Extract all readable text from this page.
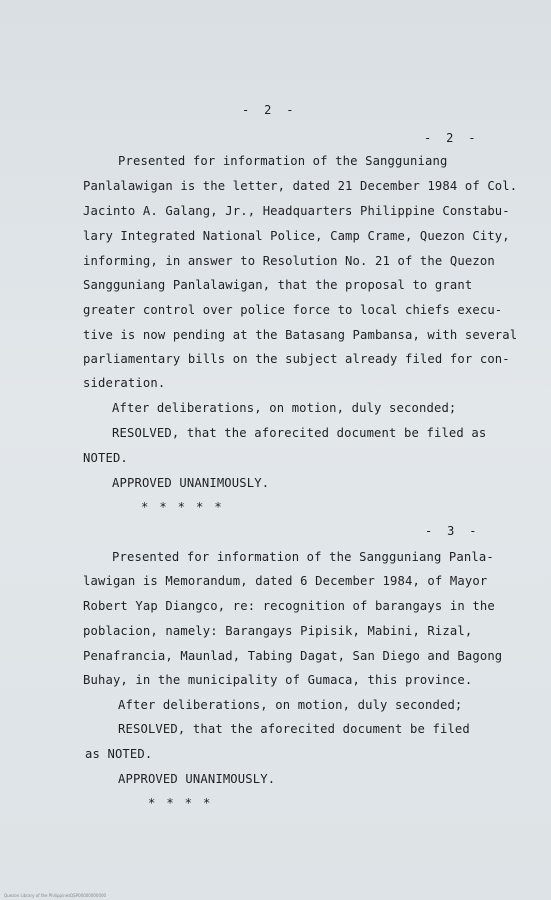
-  2  -
-  2  -
Presented for information of the Sangguniang
Panlalawigan is the letter, dated 21 December 1984 of Col.
Jacinto A. Galang, Jr., Headquarters Philippine Constabu-
lary Integrated National Police, Camp Crame, Quezon City,
informing, in answer to Resolution No. 21 of the Quezon
Sangguniang Panlalawigan, that the proposal to grant
greater control over police force to local chiefs execu-
tive is now pending at the Batasang Pambansa, with several
parliamentary bills on the subject already filed for con-
sideration.
After deliberations, on motion, duly seconded;
RESOLVED, that the aforecited document be filed as
NOTED.
APPROVED UNANIMOUSLY.
*****
-  3  -
Presented for information of the Sangguniang Panla-
lawigan is Memorandum, dated 6 December 1984, of Mayor
Robert Yap Diangco, re: recognition of barangays in the
poblacion, namely: Barangays Pipisik, Mabini, Rizal,
Penafrancia, Maunlad, Tabing Dagat, San Diego and Bagong
Buhay, in the municipality of Gumaca, this province.
After deliberations, on motion, duly seconded;
RESOLVED, that the aforecited document be filed
as NOTED.
APPROVED UNANIMOUSLY.
****
Quezon Library of the Philippines QSP00000000000
